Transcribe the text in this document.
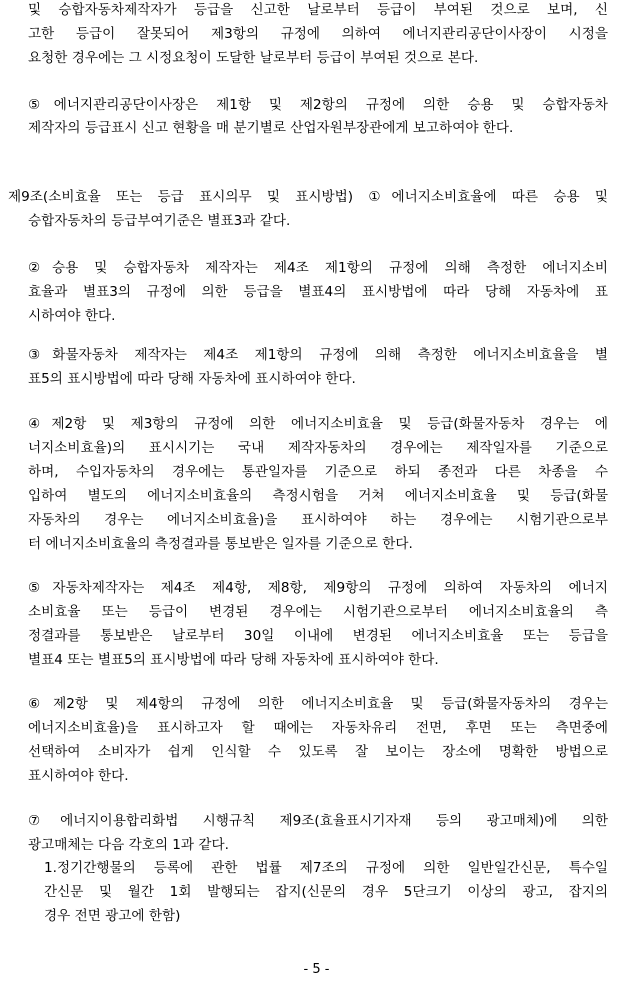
및 승합자동차제작자가 등급을 신고한 날로부터 등급이 부여된 것으로 보며, 신
고한 등급이 잘못되어 제3항의 규정에 의하여 에너지관리공단이사장이 시정을
요청한 경우에는 그 시정요청이 도달한 날로부터 등급이 부여된 것으로 본다.
⑤에너지관리공단이사장은 제1항 및 제2항의 규정에 의한 승용 및 승합자동차
제작자의 등급표시 신고 현황을 매 분기별로 산업자원부장관에게 보고하여야 한다.
제9조(소비효율 또는 등급 표시의무 및 표시방법) ①에너지소비효율에 따른 승용 및
승합자동차의 등급부여기준은 별표3과 같다.
②승용 및 승합자동차 제작자는 제4조 제1항의 규정에 의해 측정한 에너지소비
효율과 별표3의 규정에 의한 등급을 별표4의 표시방법에 따라 당해 자동차에 표
시하여야 한다.
③화물자동차 제작자는 제4조 제1항의 규정에 의해 측정한 에너지소비효율을 별
표5의 표시방법에 따라 당해 자동차에 표시하여야 한다.
④제2항 및 제3항의 규정에 의한 에너지소비효율 및 등급(화물자동차 경우는 에
너지소비효율)의 표시시기는 국내 제작자동차의 경우에는 제작일자를 기준으로
하며, 수입자동차의 경우에는 통관일자를 기준으로 하되 종전과 다른 차종을 수
입하여 별도의 에너지소비효율의 측정시험을 거쳐 에너지소비효율 및 등급(화물
자동차의 경우는 에너지소비효율)을 표시하여야 하는 경우에는 시험기관으로부
터 에너지소비효율의 측정결과를 통보받은 일자를 기준으로 한다.
⑤자동차제작자는 제4조 제4항, 제8항, 제9항의 규정에 의하여 자동차의 에너지
소비효율 또는 등급이 변경된 경우에는 시험기관으로부터 에너지소비효율의 측
정결과를 통보받은 날로부터 30일 이내에 변경된 에너지소비효율 또는 등급을
별표4 또는 별표5의 표시방법에 따라 당해 자동차에 표시하여야 한다.
⑥제2항 및 제4항의 규정에 의한 에너지소비효율 및 등급(화물자동차의 경우는
에너지소비효율)을 표시하고자 할 때에는 자동차유리 전면, 후면 또는 측면중에
선택하여 소비자가 쉽게 인식할 수 있도록 잘 보이는 장소에 명확한 방법으로
표시하여야 한다.
⑦에너지이용합리화법 시행규칙 제9조(효율표시기자재 등의 광고매체)에 의한
광고매체는 다음 각호의 1과 같다.
1.정기간행물의 등록에 관한 법률 제7조의 규정에 의한 일반일간신문, 특수일
간신문 및 월간 1회 발행되는 잡지(신문의 경우 5단크기 이상의 광고, 잡지의
경우 전면 광고에 한함)
- 5 -
